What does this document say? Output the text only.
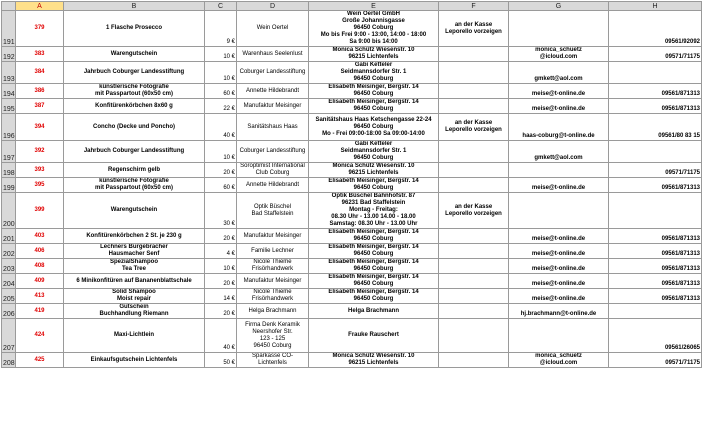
	A	B	C	D	E	F	G	H
191	379	1 Flasche Prosecco	9 €	Wein Oertel	Wein Oertel GmbH
Große Johannisgasse
96450 Coburg
Mo bis Frei 9:00 - 13:00, 14:00 - 18:00
Sa 9:00 bis 14:00	an der Kasse
Leporello vorzeigen		09561/92092
192	383	Warengutschein	10 €	Warenhaus Seelenlust	Monica Schütz Wiesenstr. 10
96215 Lichtenfels		monica_schuetz
@icloud.com	09571/71175
193	384	Jahrbuch Coburger Landesstiftung	10 €	Coburger Landesstiftung	Gabi Ketteler
Seidmannsdorfer Str. 1
96450 Coburg		gmkett@aol.com	
194	386	künstlerische Fotografie
mit Passpartout (60x50 cm)	60 €	Annette Hildebrandt	Elisabeth Meisinger, Bergstr. 14
96450 Coburg		meise@t-online.de	09561/871313
195	387	Konfitürenkörbchen 8x60 g	22 €	Manufaktur Meisinger	Elisabeth Meisinger, Bergstr. 14
96450 Coburg		meise@t-online.de	09561/871313
196	394	Concho (Decke und Poncho)	40 €	Sanitätshaus Haas	Sanitätshaus Haas Ketschengasse 22-24
96450 Coburg
Mo - Frei 09:00-18:00 Sa 09:00-14:00	an der Kasse
Leporello vorzeigen	haas-coburg@t-online.de	09561/80 83 15
197	392	Jahrbuch Coburger Landesstiftung	10 €	Coburger Landesstiftung	Gabi Ketteler
Seidmannsdorfer Str. 1
96450 Coburg		gmkett@aol.com	
198	393	Regenschirm gelb	20 €	Soroptimist International
Club Coburg	Monica Schütz Wiesenstr. 10
96215 Lichtenfels			09571/71175
199	395	künstlerische Fotografie
mit Passpartout (60x50 cm)	60 €	Annette Hildebrandt	Elisabeth Meisinger, Bergstr. 14
96450 Coburg		meise@t-online.de	09561/871313
200	399	Warengutschein	30 €	Optik Büschel
Bad Staffelstein	Optik Büschel Bahnhofstr. 87
96231 Bad Staffelstein
Montag - Freitag:
08.30 Uhr - 13.00 14.00 - 18.00
Samstag: 08.30 Uhr - 13.00 Uhr	an der Kasse
Leporello vorzeigen		
201	403	Konfitürenkörbchen 2 St. je 230 g	20 €	Manufaktur Meisinger	Elisabeth Meisinger, Bergstr. 14
96450 Coburg		meise@t-online.de	09561/871313
202	406	Lechners Burgebracher
Hausmacher Senf	4 €	Familie Lechner	Elisabeth Meisinger, Bergstr. 14
96450 Coburg		meise@t-online.de	09561/871313
203	408	SpezialShampoo
Tea Tree	10 €	Nicole Thieme
Frisörhandwerk	Elisabeth Meisinger, Bergstr. 14
96450 Coburg		meise@t-online.de	09561/871313
204	409	6 Minikonfitüren auf Bananenblattschale	20 €	Manufaktur Meisinger	Elisabeth Meisinger, Bergstr. 14
96450 Coburg		meise@t-online.de	09561/871313
205	413	Solid Shampoo
Moist repair	14 €	Nicole Thieme
Frisörhandwerk	Elisabeth Meisinger, Bergstr. 14
96450 Coburg		meise@t-online.de	09561/871313
206	419	Gutschein
Buchhandlung Riemann	20 €	Helga Brachmann	Helga Brachmann		hj.brachmann@t-online.de	
207	424	Maxi-Lichtlein	40 €	Firma Denk Keramik
Neershofer Str.
123 - 125
96450 Coburg	Frauke Rauschert			09561/26065
208	425	Einkaufsgutschein Lichtenfels	50 €	Sparkasse CO-Lichtenfels	Monica Schütz Wiesenstr. 10
96215 Lichtenfels		monica_schuetz
@icloud.com	09571/71175
